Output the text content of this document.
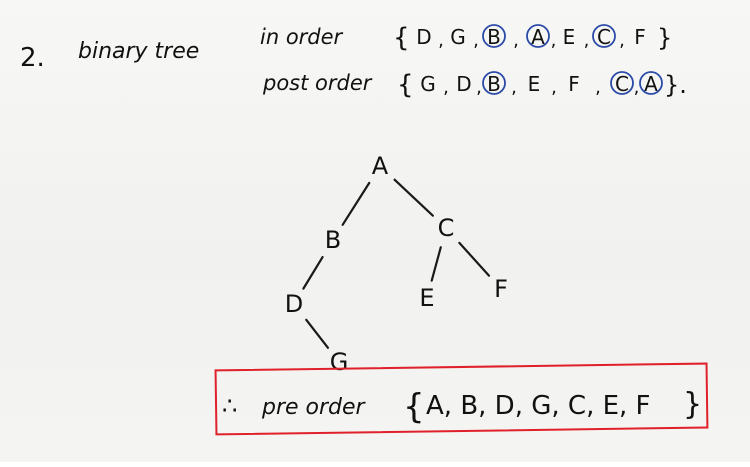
2. binary tree
in order { D , G , B , A , E , C , F }
post order { G , D , B , E , F , C , A }.
A
B	C
D	E F
G
∴ pre order { A, B, D, G, C, E, F }
